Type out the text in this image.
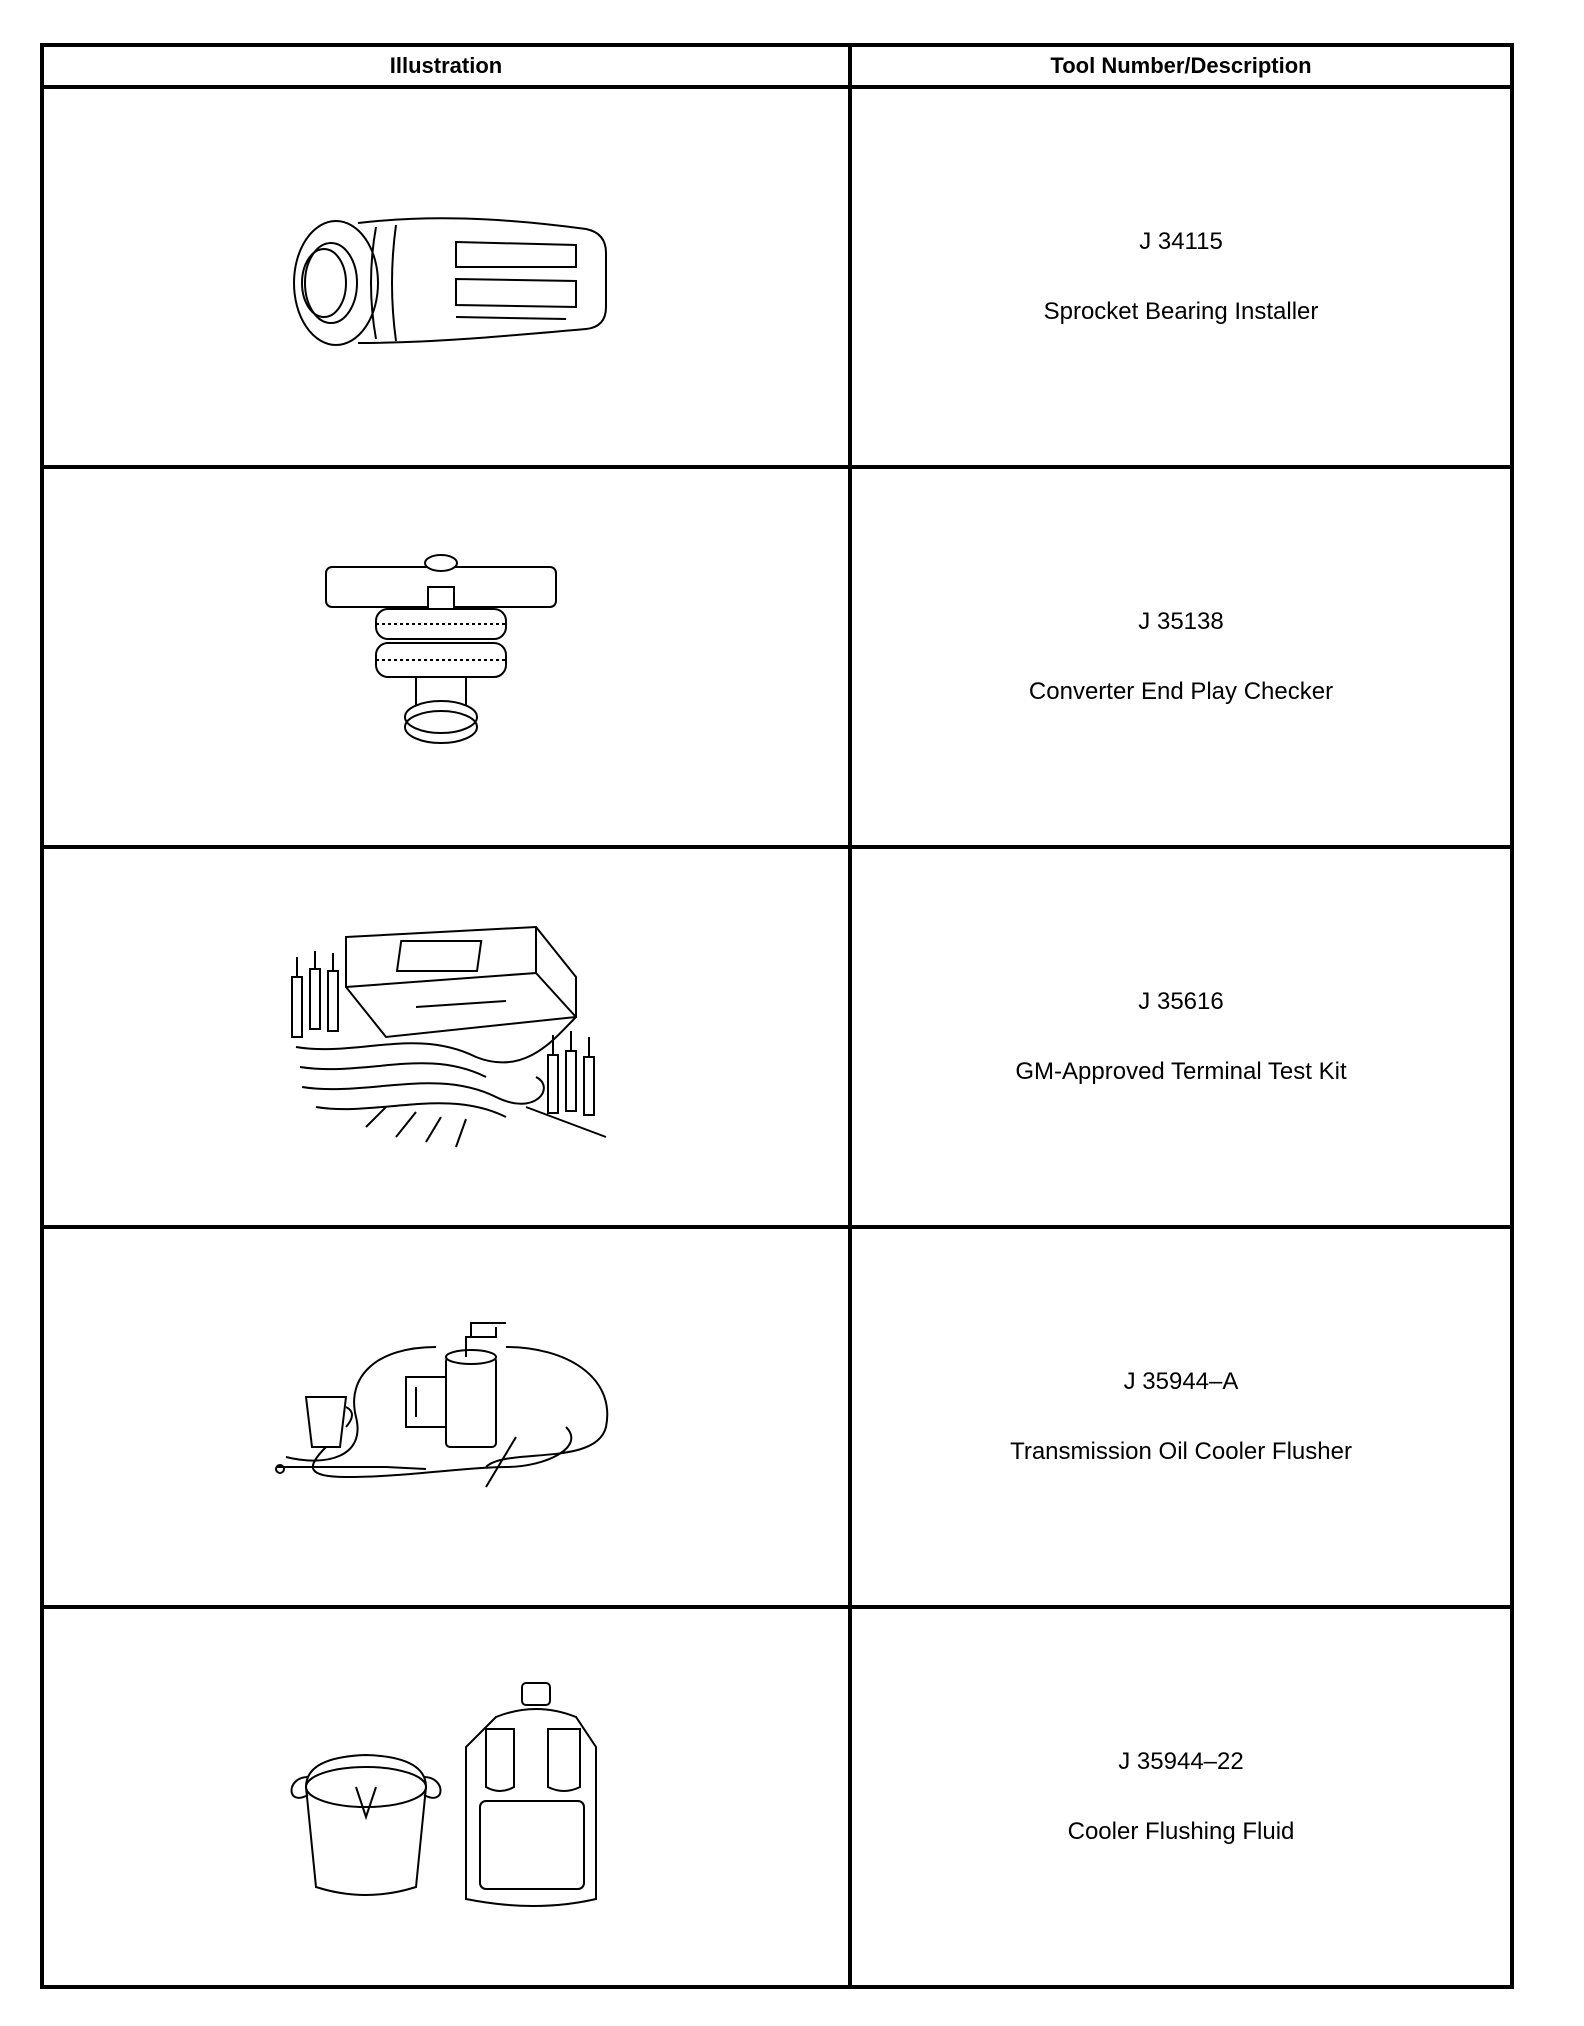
Illustration	Tool Number/Description

J 34115
Sprocket Bearing Installer

J 35138
Converter End Play Checker

J 35616
GM-Approved Terminal Test Kit

J 35944–A
Transmission Oil Cooler Flusher

J 35944–22
Cooler Flushing Fluid
